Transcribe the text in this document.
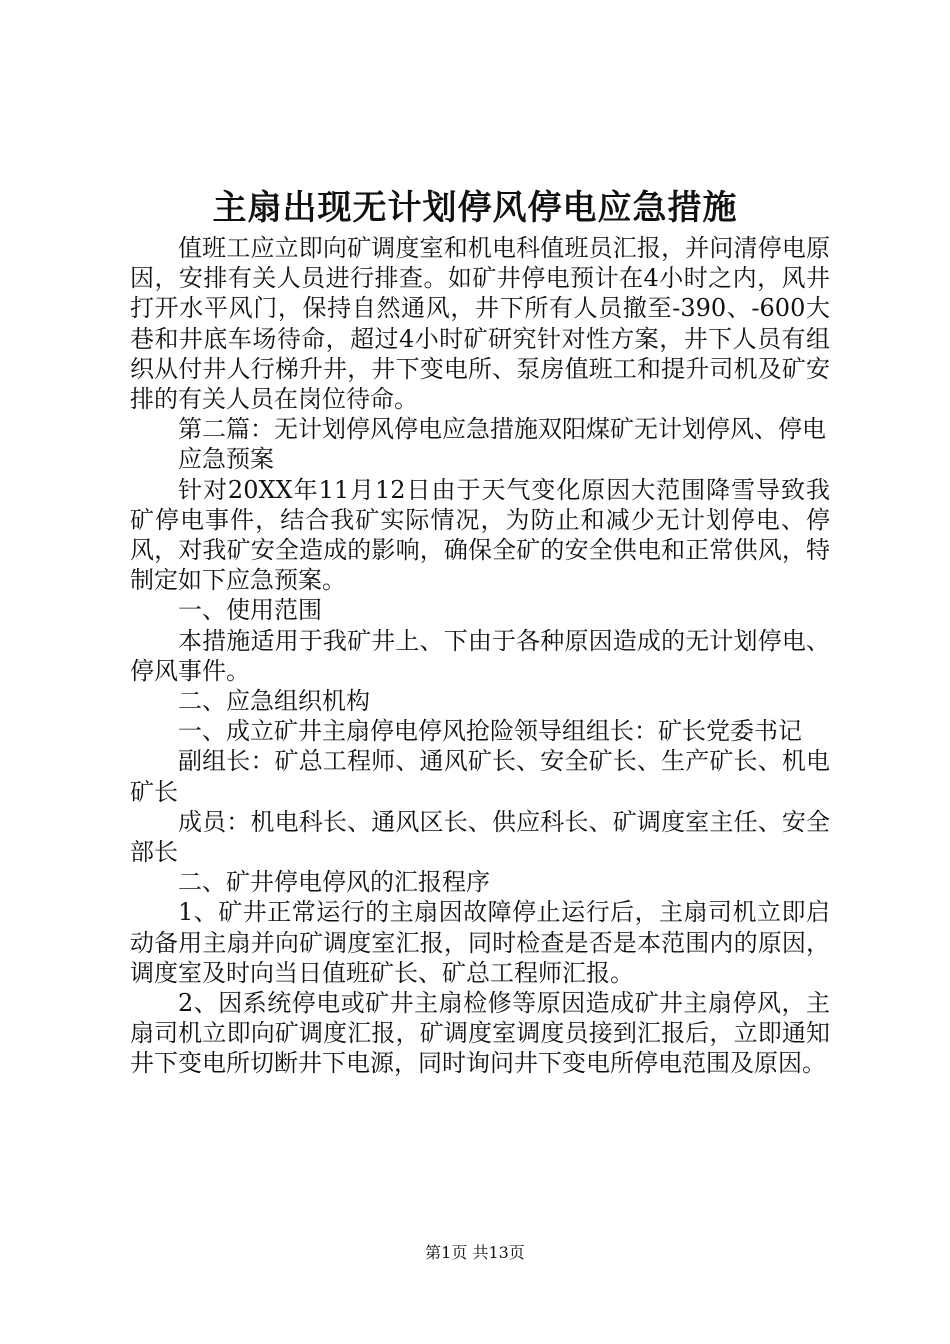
主扇出现无计划停风停电应急措施

值班工应立即向矿调度室和机电科值班员汇报，并问清停电原因，安排有关人员进行排查。如矿井停电预计在4小时之内，风井打开水平风门，保持自然通风，井下所有人员撤至-390、-600大巷和井底车场待命，超过4小时矿研究针对性方案，井下人员有组织从付井人行梯升井，井下变电所、泵房值班工和提升司机及矿安排的有关人员在岗位待命。

第二篇：无计划停风停电应急措施双阳煤矿无计划停风、停电

应急预案

针对20XX年11月12日由于天气变化原因大范围降雪导致我矿停电事件，结合我矿实际情况，为防止和减少无计划停电、停风，对我矿安全造成的影响，确保全矿的安全供电和正常供风，特制定如下应急预案。

一、使用范围

本措施适用于我矿井上、下由于各种原因造成的无计划停电、停风事件。

二、应急组织机构

一、成立矿井主扇停电停风抢险领导组组长：矿长党委书记

副组长：矿总工程师、通风矿长、安全矿长、生产矿长、机电矿长

成员：机电科长、通风区长、供应科长、矿调度室主任、安全部长

二、矿井停电停风的汇报程序

1、矿井正常运行的主扇因故障停止运行后，主扇司机立即启动备用主扇并向矿调度室汇报，同时检查是否是本范围内的原因，调度室及时向当日值班矿长、矿总工程师汇报。

2、因系统停电或矿井主扇检修等原因造成矿井主扇停风，主扇司机立即向矿调度汇报，矿调度室调度员接到汇报后，立即通知井下变电所切断井下电源，同时询问井下变电所停电范围及原因。

第1页 共13页
